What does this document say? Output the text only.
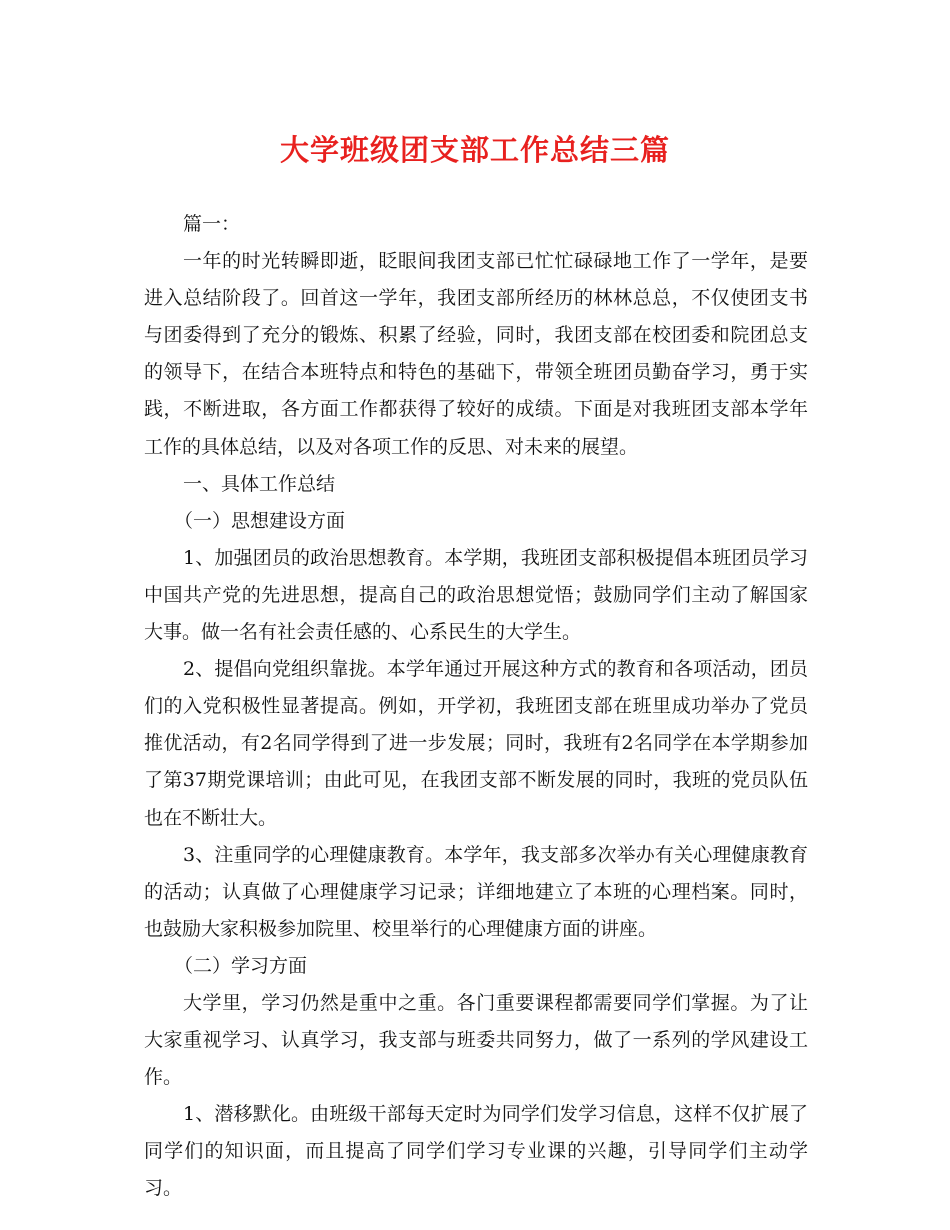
大学班级团支部工作总结三篇

篇一：

一年的时光转瞬即逝，眨眼间我团支部已忙忙碌碌地工作了一学年，是要进入总结阶段了。回首这一学年，我团支部所经历的林林总总，不仅使团支书与团委得到了充分的锻炼、积累了经验，同时，我团支部在校团委和院团总支的领导下，在结合本班特点和特色的基础下，带领全班团员勤奋学习，勇于实践，不断进取，各方面工作都获得了较好的成绩。下面是对我班团支部本学年工作的具体总结，以及对各项工作的反思、对未来的展望。

一、具体工作总结

（一）思想建设方面

1、加强团员的政治思想教育。本学期，我班团支部积极提倡本班团员学习中国共产党的先进思想，提高自己的政治思想觉悟；鼓励同学们主动了解国家大事。做一名有社会责任感的、心系民生的大学生。

2、提倡向党组织靠拢。本学年通过开展这种方式的教育和各项活动，团员们的入党积极性显著提高。例如，开学初，我班团支部在班里成功举办了党员推优活动，有2名同学得到了进一步发展；同时，我班有2名同学在本学期参加了第37期党课培训；由此可见，在我团支部不断发展的同时，我班的党员队伍也在不断壮大。

3、注重同学的心理健康教育。本学年，我支部多次举办有关心理健康教育的活动；认真做了心理健康学习记录；详细地建立了本班的心理档案。同时，也鼓励大家积极参加院里、校里举行的心理健康方面的讲座。

（二）学习方面

大学里，学习仍然是重中之重。各门重要课程都需要同学们掌握。为了让大家重视学习、认真学习，我支部与班委共同努力，做了一系列的学风建设工作。

1、潜移默化。由班级干部每天定时为同学们发学习信息，这样不仅扩展了同学们的知识面，而且提高了同学们学习专业课的兴趣，引导同学们主动学习。
